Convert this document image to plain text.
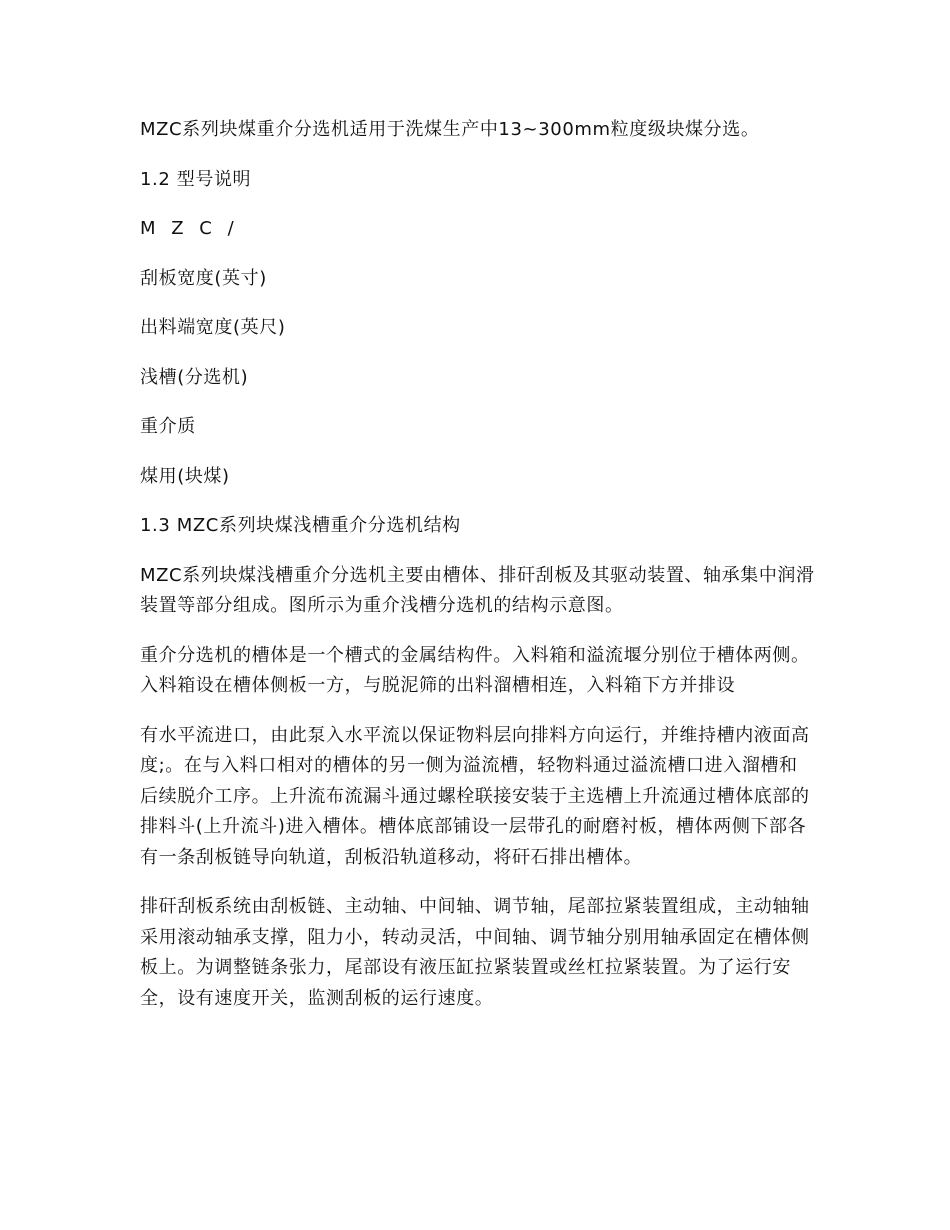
MZC系列块煤重介分选机适用于洗煤生产中13~300mm粒度级块煤分选。

1.2 型号说明

M Z C /

刮板宽度(英寸)

出料端宽度(英尺)

浅槽(分选机)

重介质

煤用(块煤)

1.3 MZC系列块煤浅槽重介分选机结构

MZC系列块煤浅槽重介分选机主要由槽体、排矸刮板及其驱动装置、轴承集中润滑装置等部分组成。图所示为重介浅槽分选机的结构示意图。

重介分选机的槽体是一个槽式的金属结构件。入料箱和溢流堰分别位于槽体两侧。入料箱设在槽体侧板一方，与脱泥筛的出料溜槽相连，入料箱下方并排设

有水平流进口，由此泵入水平流以保证物料层向排料方向运行，并维持槽内液面高度;。在与入料口相对的槽体的另一侧为溢流槽，轻物料通过溢流槽口进入溜槽和后续脱介工序。上升流布流漏斗通过螺栓联接安装于主选槽上升流通过槽体底部的排料斗(上升流斗)进入槽体。槽体底部铺设一层带孔的耐磨衬板，槽体两侧下部各有一条刮板链导向轨道，刮板沿轨道移动，将矸石排出槽体。

排矸刮板系统由刮板链、主动轴、中间轴、调节轴，尾部拉紧装置组成，主动轴轴采用滚动轴承支撑，阻力小，转动灵活，中间轴、调节轴分别用轴承固定在槽体侧板上。为调整链条张力，尾部设有液压缸拉紧装置或丝杠拉紧装置。为了运行安全，设有速度开关，监测刮板的运行速度。
